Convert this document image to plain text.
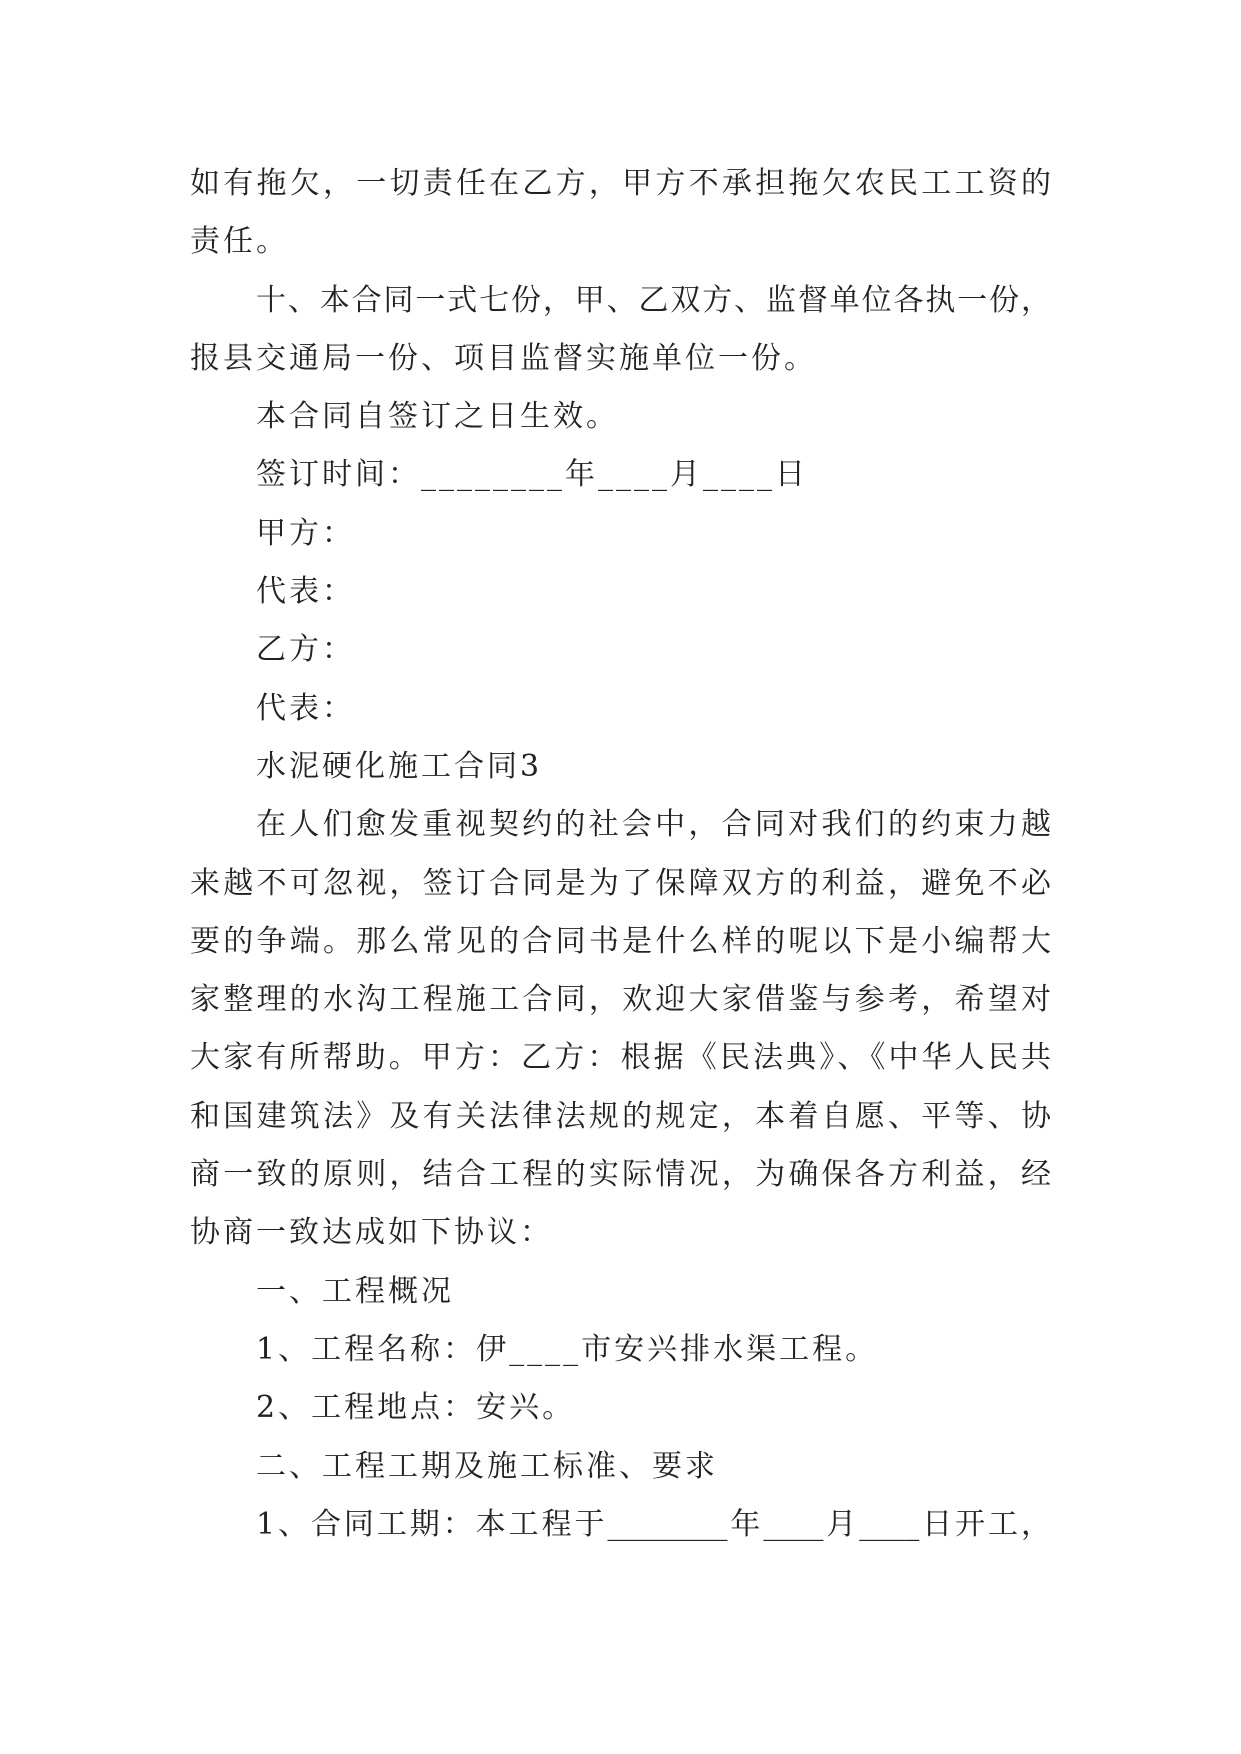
如有拖欠，一切责任在乙方，甲方不承担拖欠农民工工资的
责任。
十、本合同一式七份，甲、乙双方、监督单位各执一份，
报县交通局一份、项目监督实施单位一份。
本合同自签订之日生效。
签订时间：________年____月____日
甲方：
代表：
乙方：
代表：
水泥硬化施工合同3
在人们愈发重视契约的社会中，合同对我们的约束力越
来越不可忽视，签订合同是为了保障双方的利益，避免不必
要的争端。那么常见的合同书是什么样的呢以下是小编帮大
家整理的水沟工程施工合同，欢迎大家借鉴与参考，希望对
大家有所帮助。甲方：乙方：根据《民法典》、《中华人民共
和国建筑法》及有关法律法规的规定，本着自愿、平等、协
商一致的原则，结合工程的实际情况，为确保各方利益，经
协商一致达成如下协议：
一、工程概况
1、工程名称：伊____市安兴排水渠工程。
2、工程地点：安兴。
二、工程工期及施工标准、要求
1、合同工期：本工程于________年____月____日开工，
